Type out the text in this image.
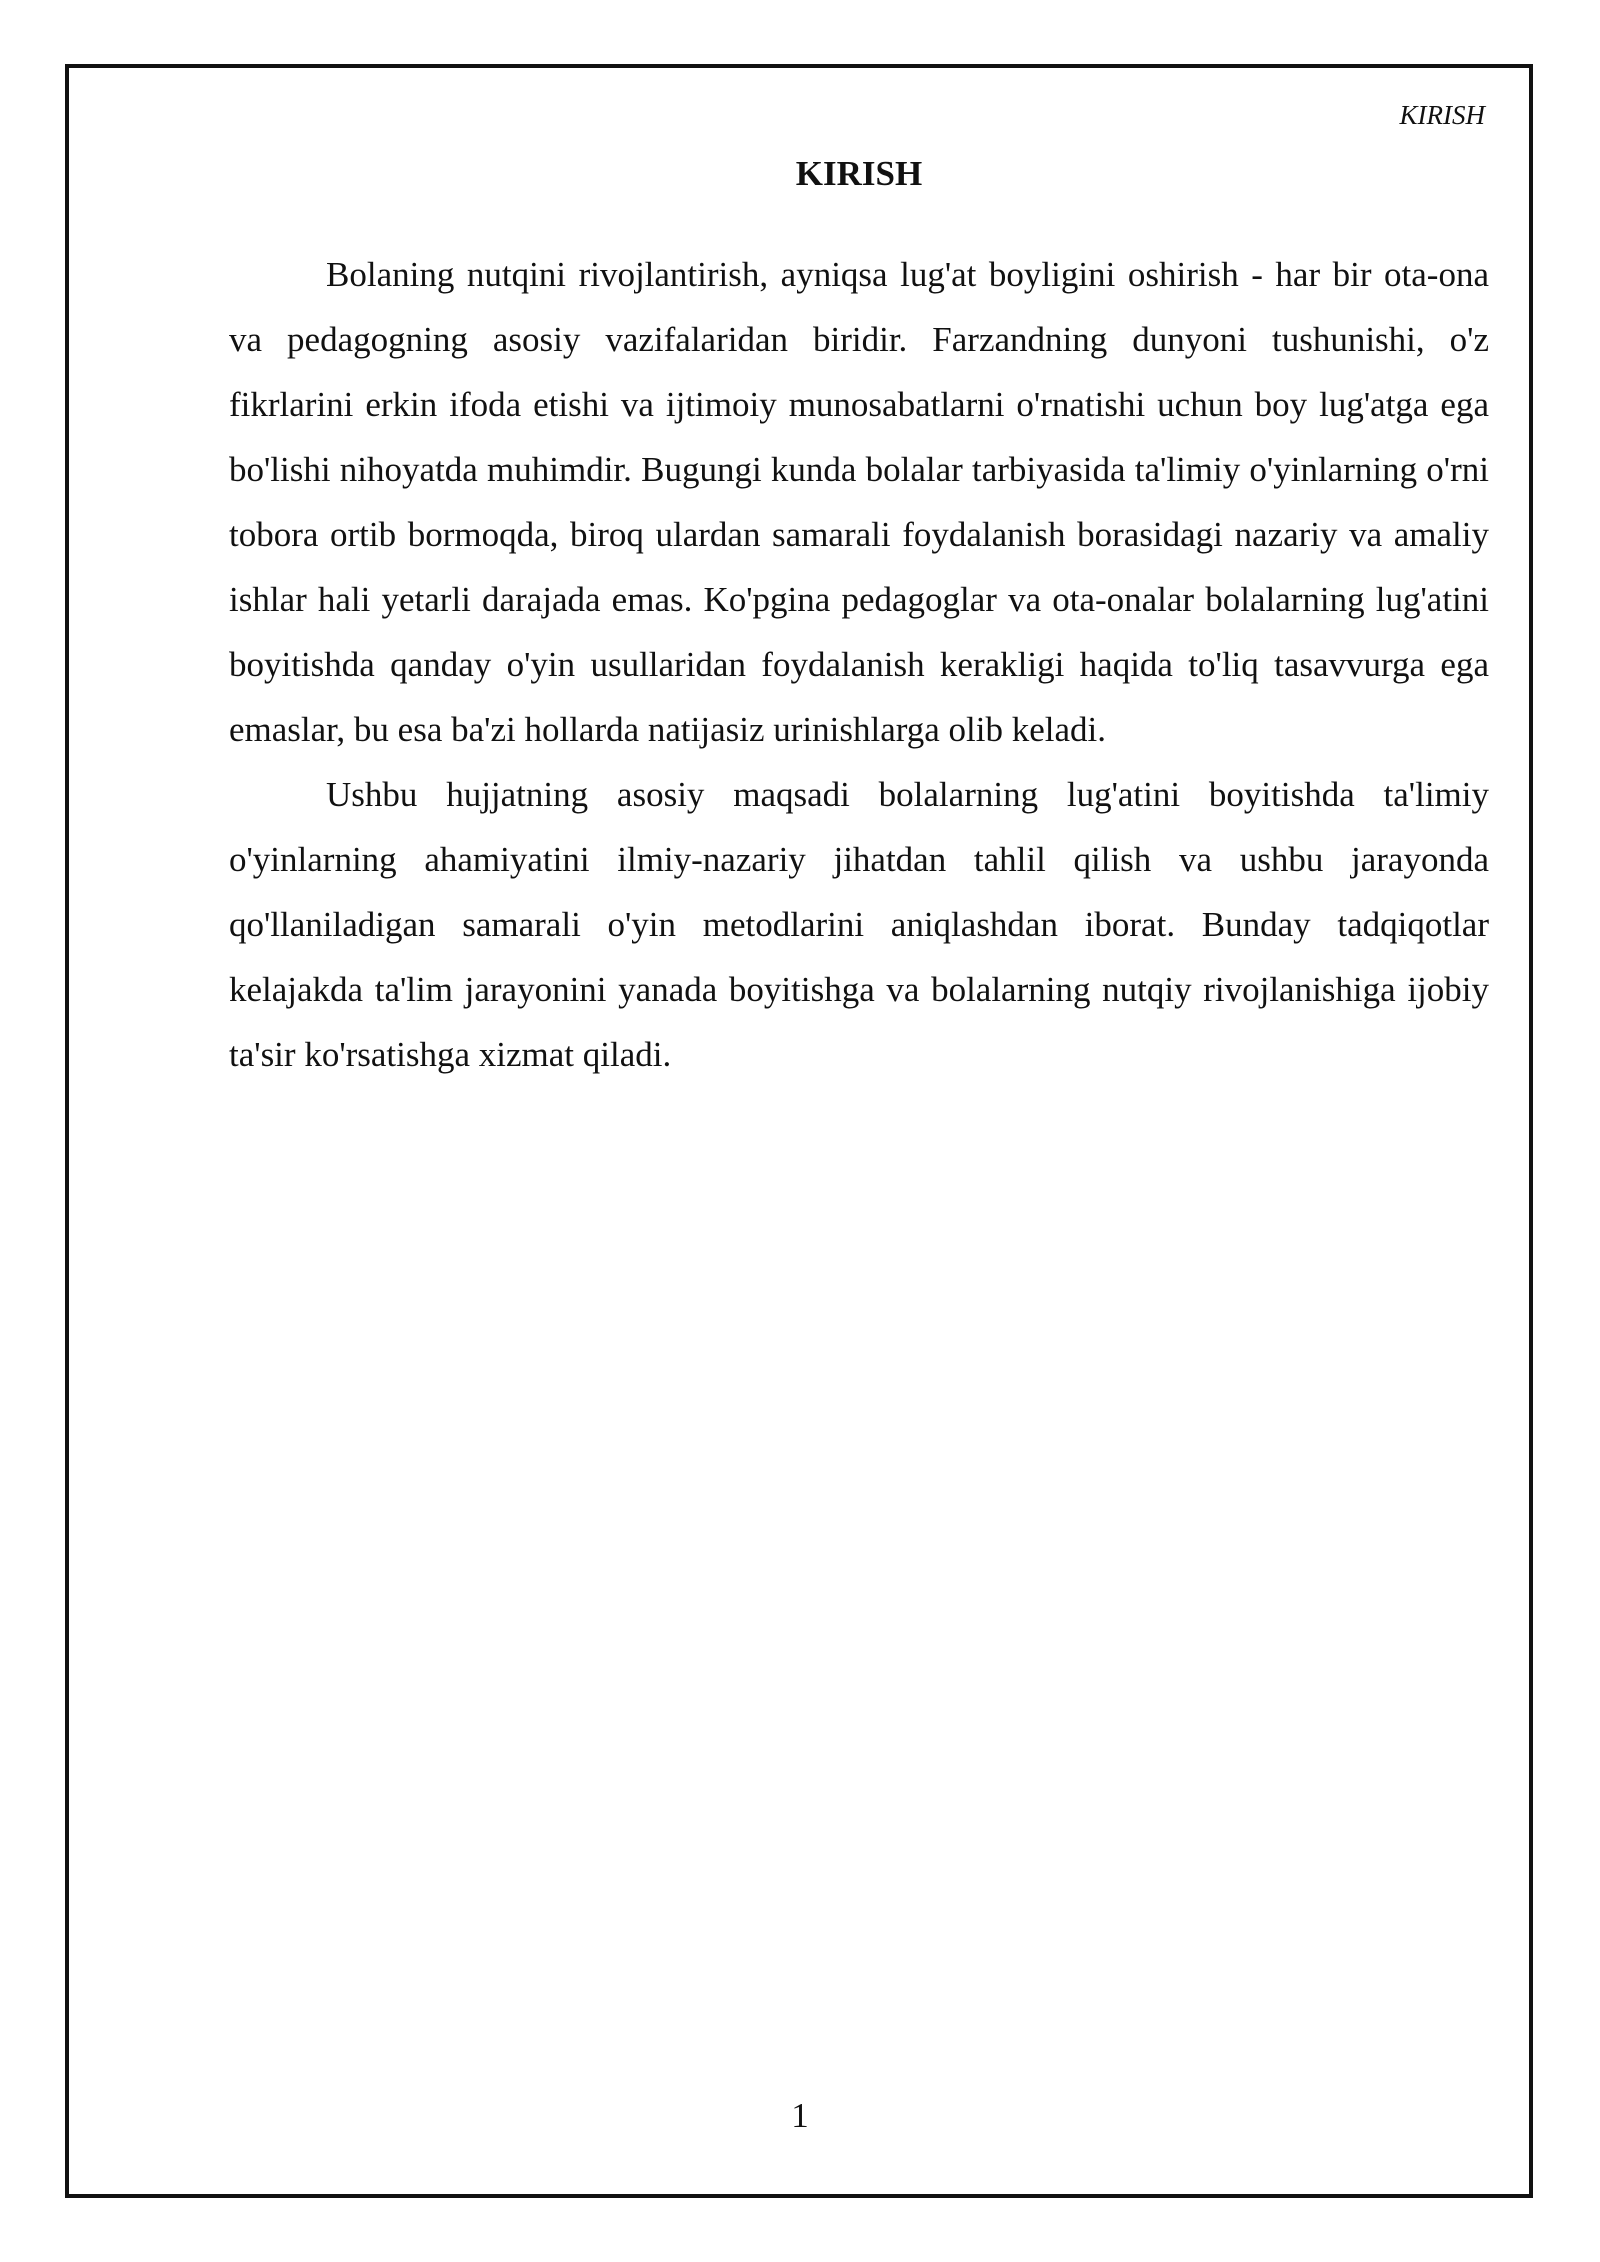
KIRISH
KIRISH

Bolaning nutqini rivojlantirish, ayniqsa lug'at boyligini oshirish - har bir ota-ona va pedagogning asosiy vazifalaridan biridir. Farzandning dunyoni tushunishi, o'z fikrlarini erkin ifoda etishi va ijtimoiy munosabatlarni o'rnatishi uchun boy lug'atga ega bo'lishi nihoyatda muhimdir. Bugungi kunda bolalar tarbiyasida ta'limiy o'yinlarning o'rni tobora ortib bormoqda, biroq ulardan samarali foydalanish borasidagi nazariy va amaliy ishlar hali yetarli darajada emas. Ko'pgina pedagoglar va ota-onalar bolalarning lug'atini boyitishda qanday o'yin usullaridan foydalanish kerakligi haqida to'liq tasavvurga ega emaslar, bu esa ba'zi hollarda natijasiz urinishlarga olib keladi.

Ushbu hujjatning asosiy maqsadi bolalarning lug'atini boyitishda ta'limiy o'yinlarning ahamiyatini ilmiy-nazariy jihatdan tahlil qilish va ushbu jarayonda qo'llaniladigan samarali o'yin metodlarini aniqlashdan iborat. Bunday tadqiqotlar kelajakda ta'lim jarayonini yanada boyitishga va bolalarning nutqiy rivojlanishiga ijobiy ta'sir ko'rsatishga xizmat qiladi.

1
